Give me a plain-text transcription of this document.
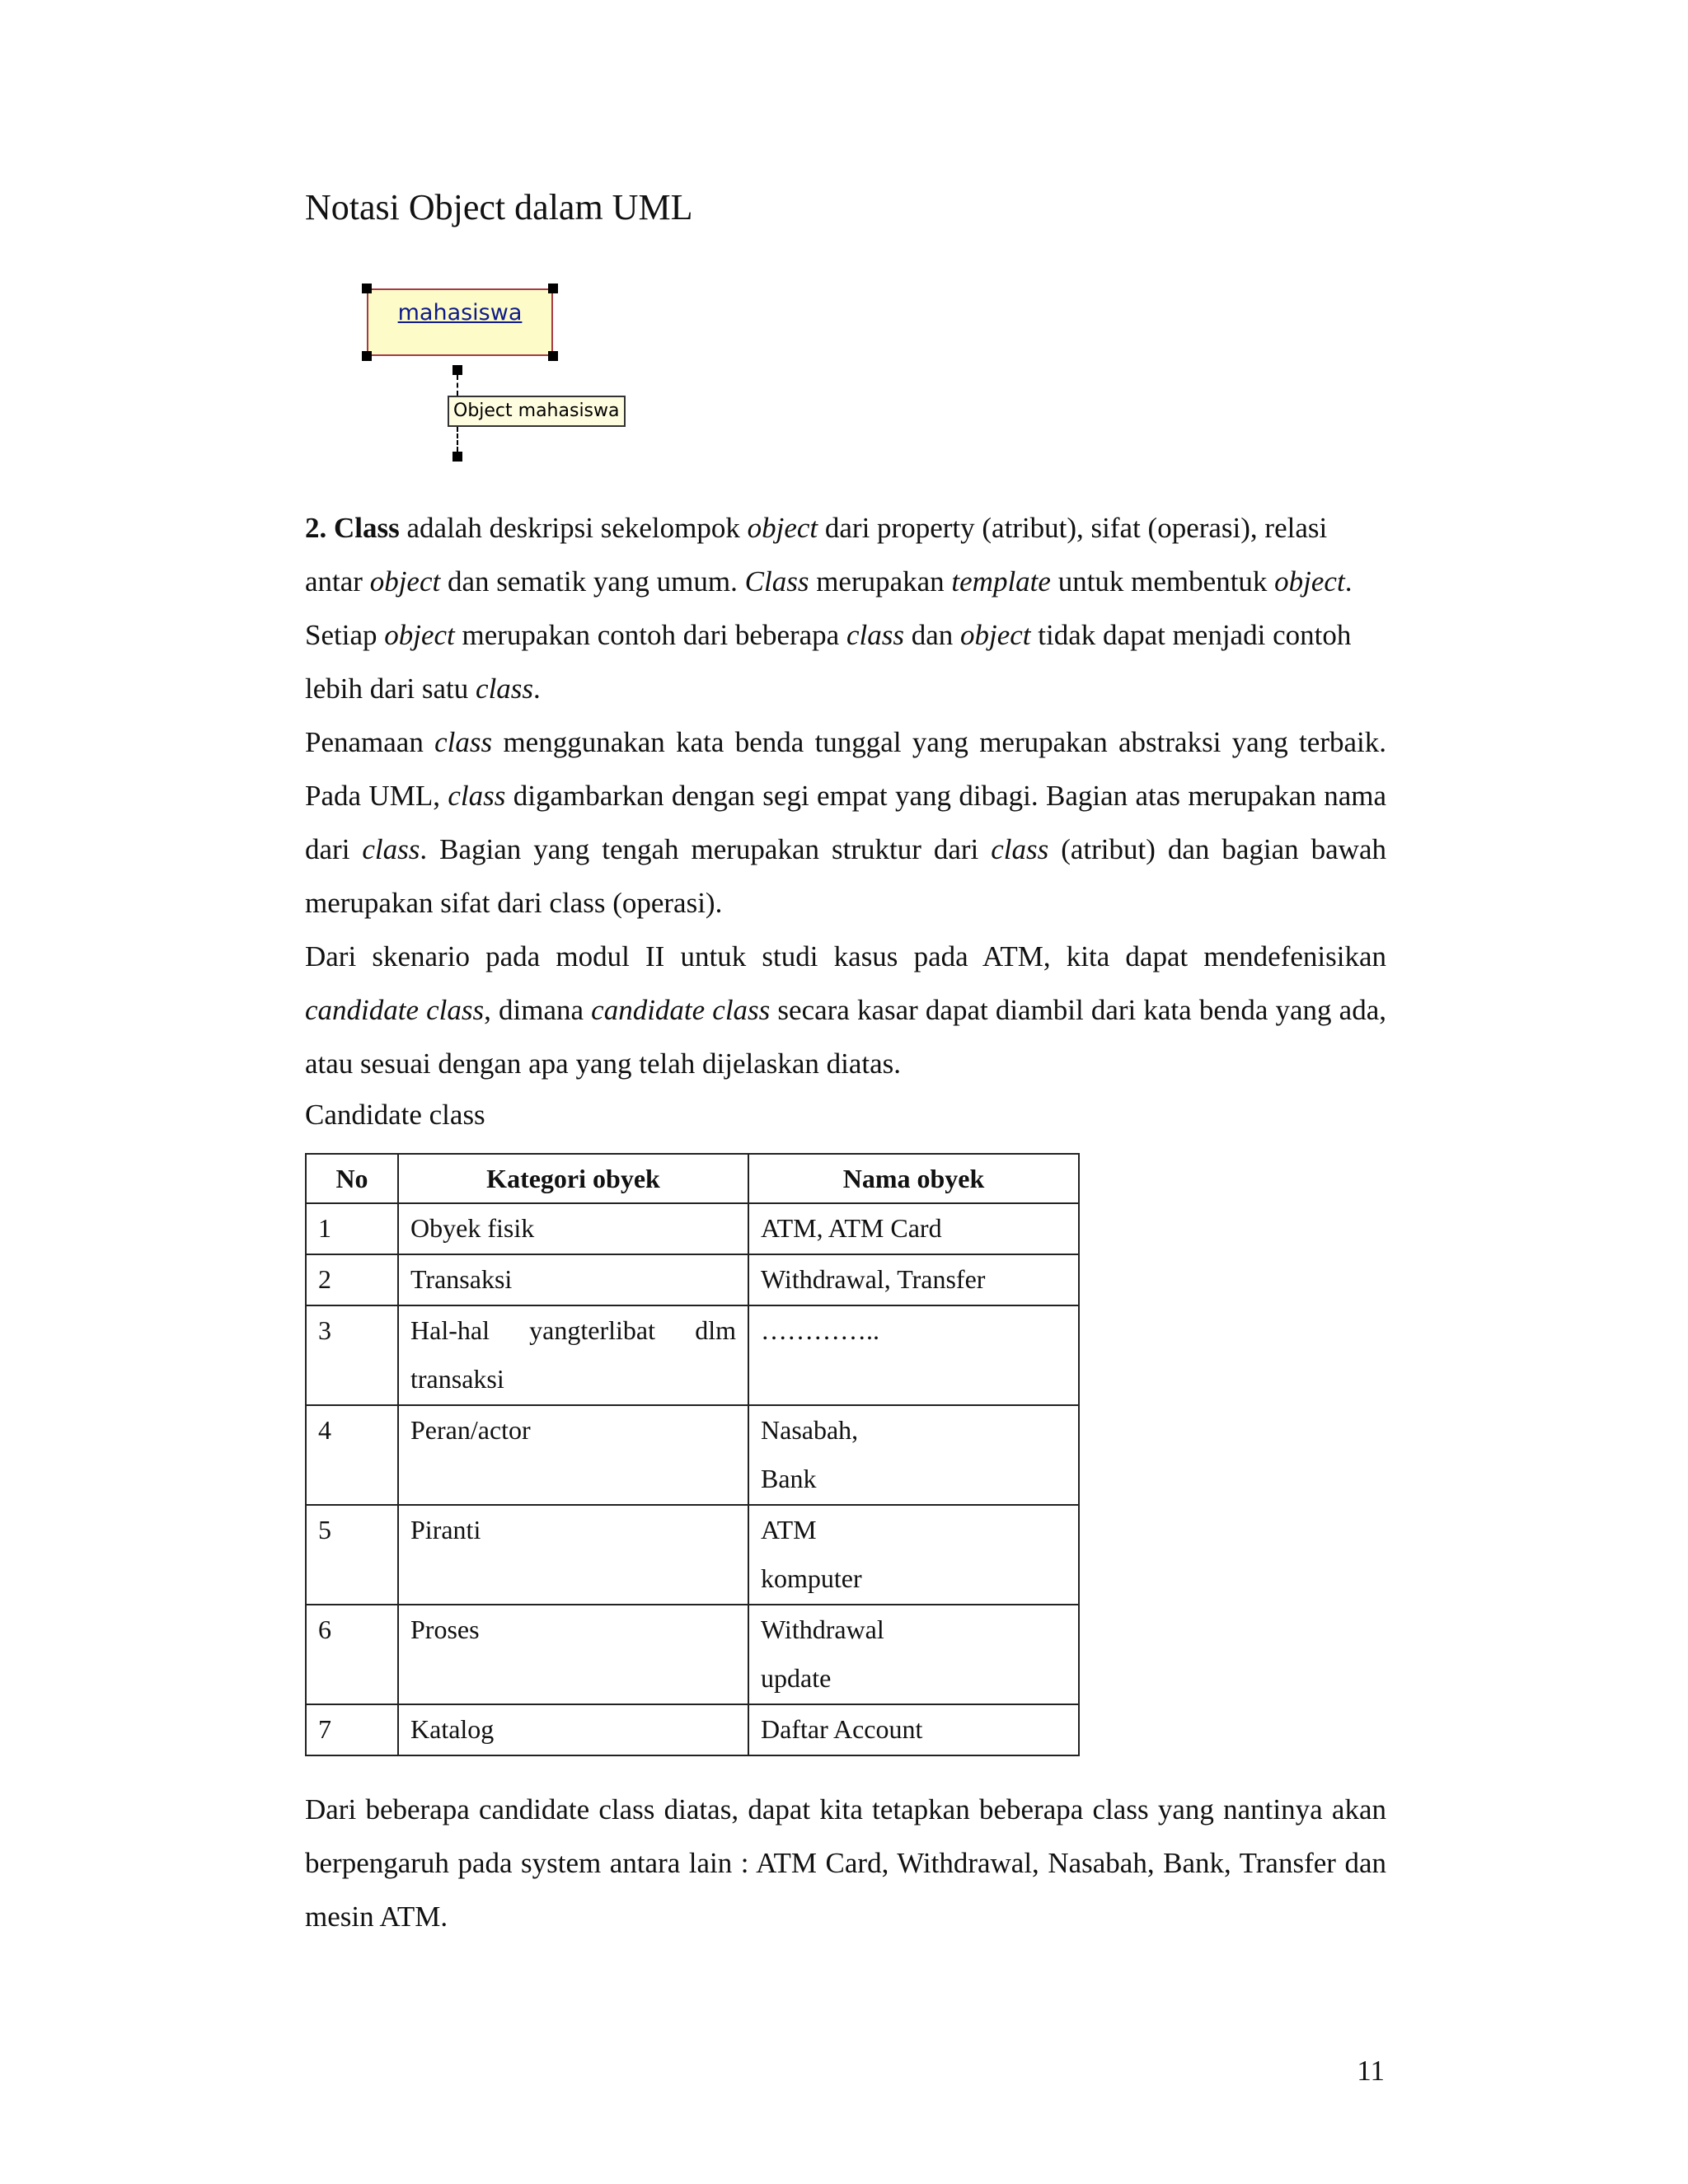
Notasi Object dalam UML
mahasiswa
Object mahasiswa

2. Class adalah deskripsi sekelompok object dari property (atribut), sifat (operasi), relasi antar object dan sematik yang umum. Class merupakan template untuk membentuk object. Setiap object merupakan contoh dari beberapa class dan object tidak dapat menjadi contoh lebih dari satu class.

Penamaan class menggunakan kata benda tunggal yang merupakan abstraksi yang terbaik. Pada UML, class digambarkan dengan segi empat yang dibagi. Bagian atas merupakan nama dari class. Bagian yang tengah merupakan struktur dari class (atribut) dan bagian bawah merupakan sifat dari class (operasi).

Dari skenario pada modul II untuk studi kasus pada ATM, kita dapat mendefenisikan candidate class, dimana candidate class secara kasar dapat diambil dari kata benda yang ada, atau sesuai dengan apa yang telah dijelaskan diatas.

Candidate class

No	Kategori obyek	Nama obyek
1	Obyek fisik	ATM, ATM Card

2	Transaksi	Withdrawal, Transfer

3	Hal-hal yangterlibat dlm transaksi	…………..

4	Peran/actor	Nasabah,
Bank

5	Piranti	ATM
komputer

6	Proses	Withdrawal
update

7	Katalog	Daftar Account

Dari beberapa candidate class diatas, dapat kita tetapkan beberapa class yang nantinya akan berpengaruh pada system antara lain : ATM Card, Withdrawal, Nasabah, Bank, Transfer dan mesin ATM.

11
